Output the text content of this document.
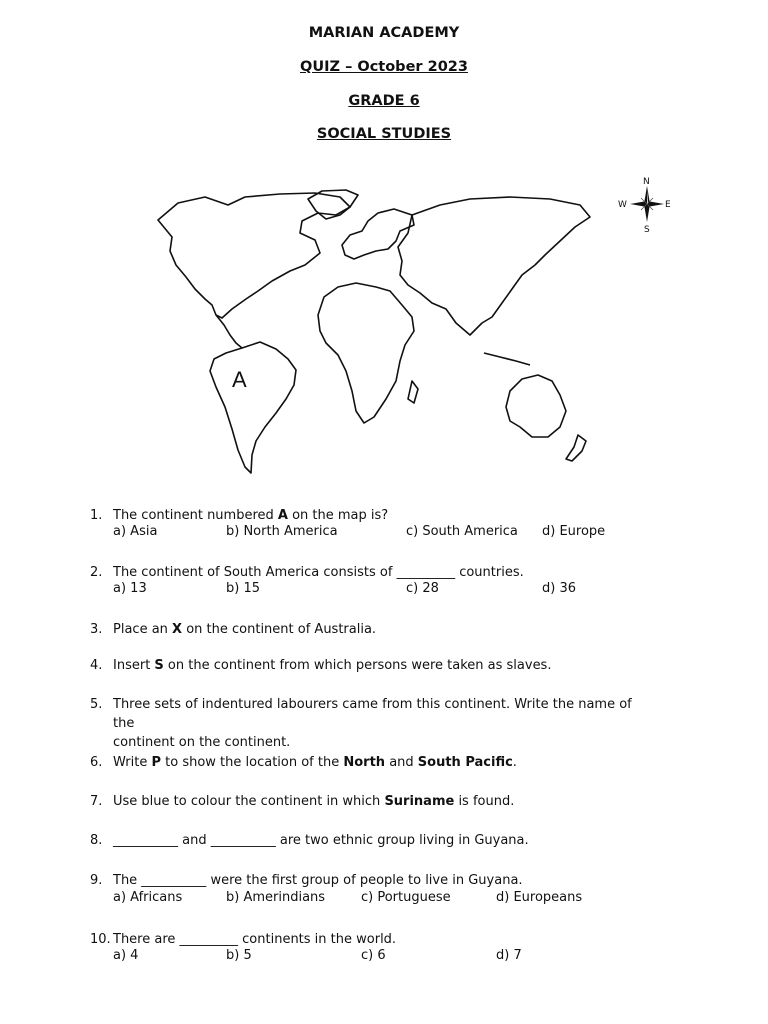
MARIAN ACADEMY
QUIZ – October 2023
GRADE 6
SOCIAL STUDIES
A
N
S
W	E
1. The continent numbered A on the map is?
a) Asia	b) North America	c) South America d) Europe
2. The continent of South America consists of _________ countries.
a) 13	b) 15	c) 28	d) 36
3. Place an X on the continent of Australia.
4. Insert S on the continent from which persons were taken as slaves.
5. Three sets of indentured labourers came from this continent. Write the name of the
continent on the continent.
6. Write P to show the location of the North and South Pacific.
7. Use blue to colour the continent in which Suriname is found.
8. __________ and __________ are two ethnic group living in Guyana.
9. The __________ were the first group of people to live in Guyana.
a) Africans	b) Amerindians	c) Portuguese	d) Europeans
10. There are _________ continents in the world.
a) 4	b) 5	c) 6	d) 7
